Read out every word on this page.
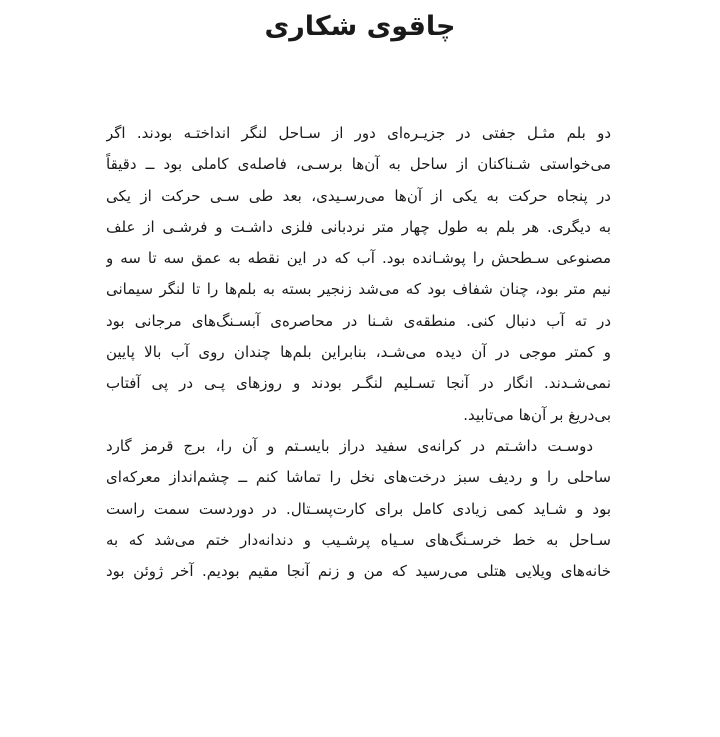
چاقوی شکاری
دو بلم مثـل جفتی در جزیـره‌ای دور از سـاحل لنگر انداختـه بودند. اگر
می‌خواستی شـناکنان از ساحل به آن‌ها برسـی، فاصله‌ی کاملی بود ــ دقیقاً
در پنجاه حرکت به یکی از آن‌ها می‌رسـیدی، بعد طی سـی حرکت از یکی
به دیگری. هر بلم به طول چهار متر نردبانی فلزی داشـت و فرشـی از علف
مصنوعی سـطحش را پوشـانده بود. آب که در این نقطه به عمق سه تا سه و
نیم متر بود، چنان شفاف بود که می‌شد زنجیر بسته به بلم‌ها را تا لنگر سیمانی
در ته آب دنبال کنی. منطقه‌ی شـنا در محاصره‌ی آبسـنگ‌های مرجانی بود
و کمتر موجی در آن دیده می‌شـد، بنابراین بلم‌ها چندان روی آب بالا پایین
نمی‌شـدند. انگار در آنجا تسـلیم لنگـر بودند و روزهای پـی در پی آفتاب
بی‌دریغ بر آن‌ها می‌تابید.
دوسـت داشـتم در کرانه‌ی سفید دراز بایسـتم و آن را، برج قرمز گارد
ساحلی را و ردیف سبز درخت‌های نخل را تماشا کنم ــ چشم‌انداز معرکه‌ای
بود و شـاید کمی زیادی کامل برای کارت‌پسـتال. در دوردست سمت راست
سـاحل به خط خرسـنگ‌های سـیاه پرشـیب و دندانه‌دار ختم می‌شد که به
خانه‌های ویلایی هتلی می‌رسید که من و زنم آنجا مقیم بودیم. آخر ژوئن بود
